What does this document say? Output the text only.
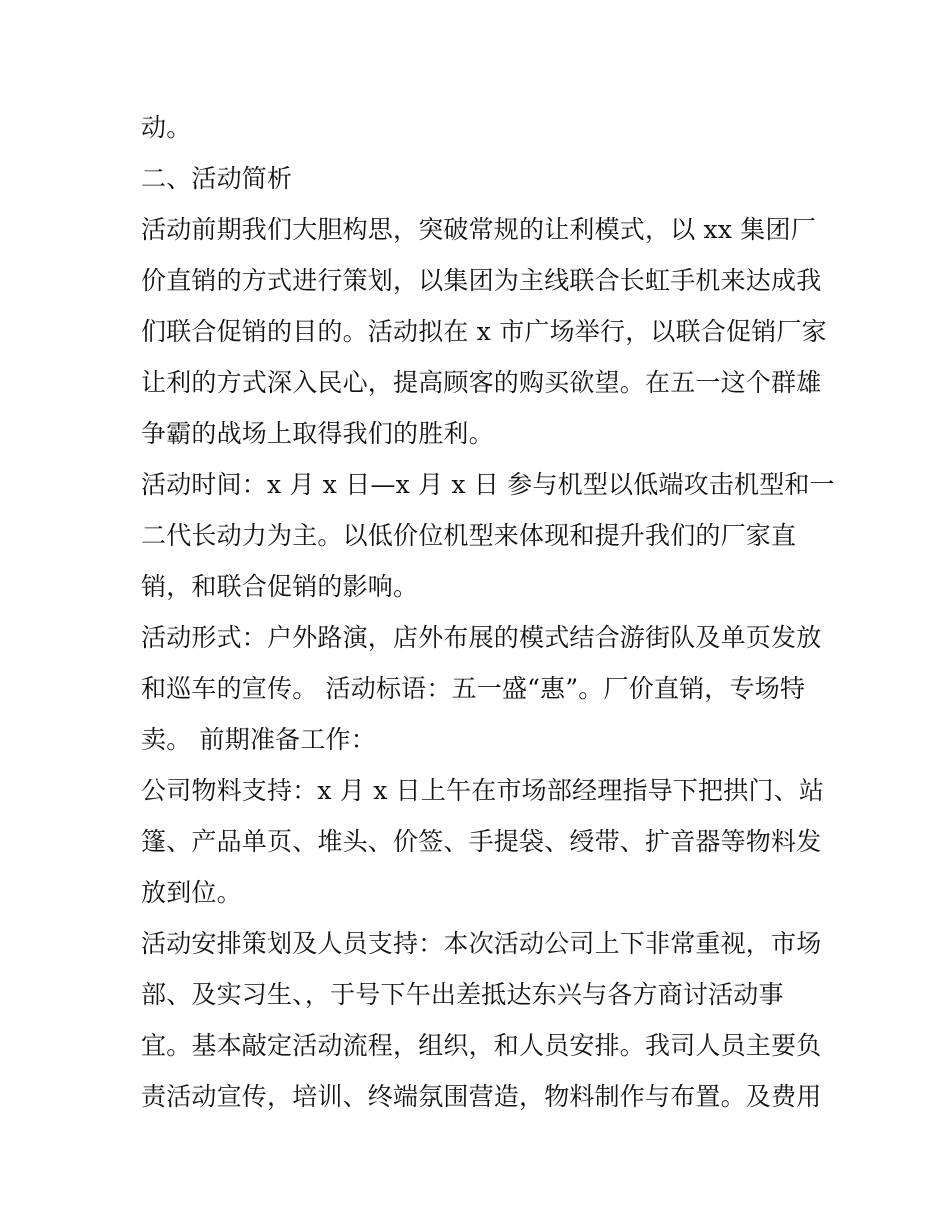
动。
二、活动简析
活动前期我们大胆构思，突破常规的让利模式，以 xx 集团厂
价直销的方式进行策划，以集团为主线联合长虹手机来达成我
们联合促销的目的。活动拟在 x 市广场举行，以联合促销厂家
让利的方式深入民心，提高顾客的购买欲望。在五一这个群雄
争霸的战场上取得我们的胜利。
活动时间：x 月 x 日—x 月 x 日 参与机型以低端攻击机型和一
二代长动力为主。以低价位机型来体现和提升我们的厂家直
销，和联合促销的影响。
活动形式：户外路演，店外布展的模式结合游街队及单页发放
和巡车的宣传。 活动标语：五一盛“惠”。厂价直销，专场特
卖。 前期准备工作：
公司物料支持：x 月 x 日上午在市场部经理指导下把拱门、站
篷、产品单页、堆头、价签、手提袋、绶带、扩音器等物料发
放到位。
活动安排策划及人员支持：本次活动公司上下非常重视，市场
部、及实习生、，于号下午出差抵达东兴与各方商讨活动事
宜。基本敲定活动流程，组织，和人员安排。我司人员主要负
责活动宣传，培训、终端氛围营造，物料制作与布置。及费用
